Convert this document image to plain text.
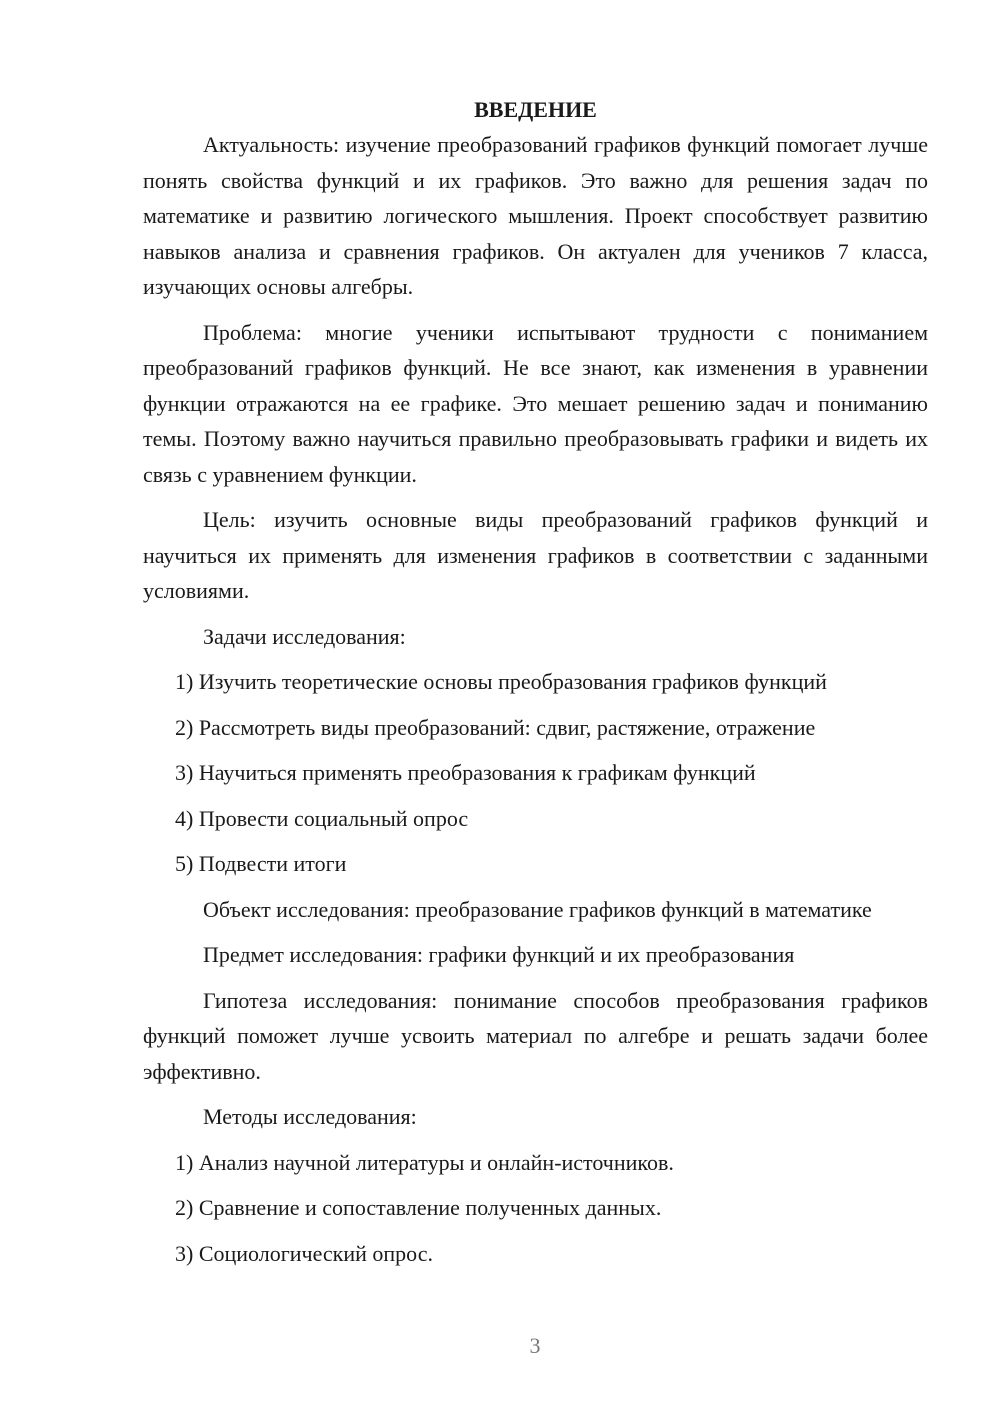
ВВЕДЕНИЕ

Актуальность: изучение преобразований графиков функций помогает лучше понять свойства функций и их графиков. Это важно для решения задач по математике и развитию логического мышления. Проект способствует развитию навыков анализа и сравнения графиков. Он актуален для учеников 7 класса, изучающих основы алгебры.

Проблема: многие ученики испытывают трудности с пониманием преобразований графиков функций. Не все знают, как изменения в уравнении функции отражаются на ее графике. Это мешает решению задач и пониманию темы. Поэтому важно научиться правильно преобразовывать графики и видеть их связь с уравнением функции.

Цель: изучить основные виды преобразований графиков функций и научиться их применять для изменения графиков в соответствии с заданными условиями.

Задачи исследования:

1) Изучить теоретические основы преобразования графиков функций

2) Рассмотреть виды преобразований: сдвиг, растяжение, отражение

3) Научиться применять преобразования к графикам функций

4) Провести социальный опрос

5) Подвести итоги

Объект исследования: преобразование графиков функций в математике

Предмет исследования: графики функций и их преобразования

Гипотеза исследования: понимание способов преобразования графиков функций поможет лучше усвоить материал по алгебре и решать задачи более эффективно.

Методы исследования:

1) Анализ научной литературы и онлайн-источников.

2) Сравнение и сопоставление полученных данных.

3) Социологический опрос.

3
